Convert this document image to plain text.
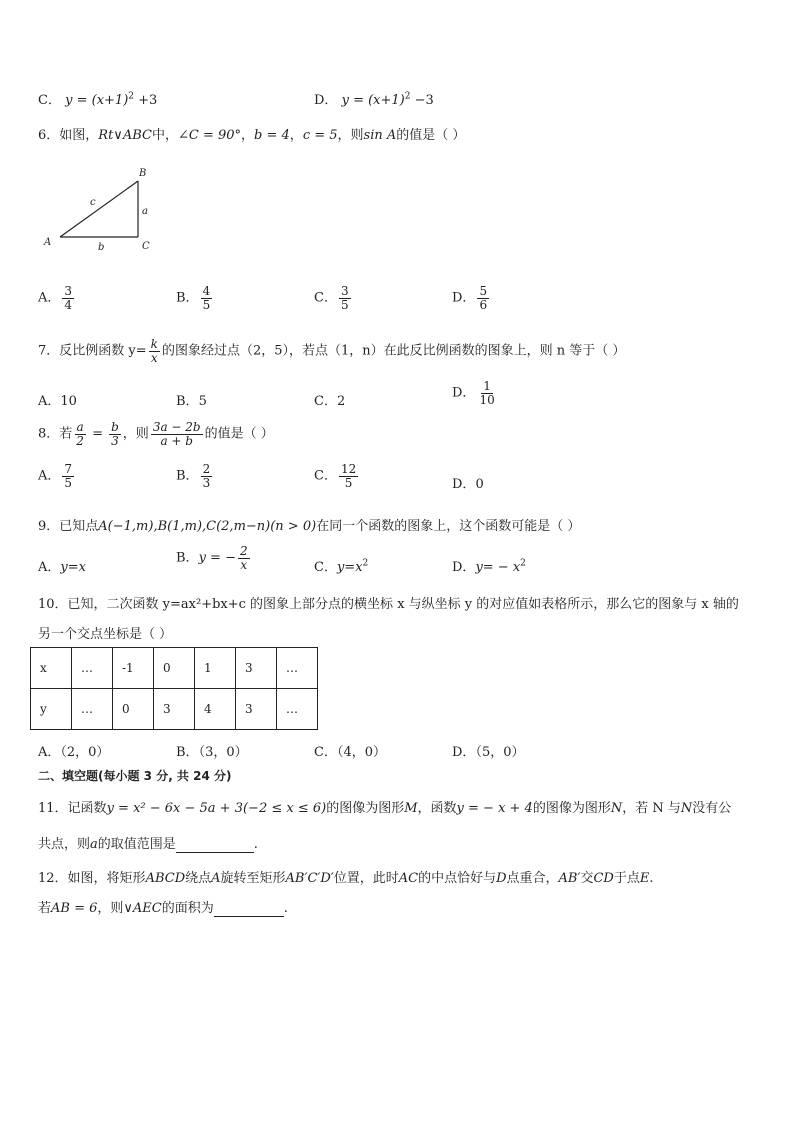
C． $y = (x+1)^2 +3$	D． $y = (x+1)^2 -3$
6．如图，Rt∨ABC中，∠C = 90°，b = 4，c = 5，则sin A的值是（ ）
A
B
C
a
b
c
A． $\frac{3}{4}$	B． $\frac{4}{5}$	C． $\frac{3}{5}$	D． $\frac{5}{6}$
7．反比例函数 $y= \frac{k}{x}$ 的图象经过点（2，5），若点（1，n）在此反比例函数的图象上，则 n 等于（ ）
A．10	B．5	C．2
D． $\frac{1}{10}$
8．若 $\frac{a}{2} = \frac{b}{3}$ ，则 $\frac{3a - 2b}{a + b}$ 的值是（ ）
A． $\frac{7}{5}$	B． $\frac{2}{3}$	C． $\frac{12}{5}$	D．0
9．已知点A(−1,m),B(1,m),C(2,m−n)(n > 0)在同一个函数的图象上，这个函数可能是（ ）
A．y=x
B．y = − $\frac{2}{x}$	C．$y=x^2$	D．$y= - x^2$
10．已知，二次函数 y=ax²+bx+c 的图象上部分点的横坐标 x 与纵坐标 y 的对应值如表格所示，那么它的图象与 x 轴的
另一个交点坐标是（ ）
x	…	-1	0	1	3	…
y	…	0	3	4	3	…
A．（2，0）	B．（3，0）	C．（4，0）	D．（5，0）
二、填空题(每小题 3 分, 共 24 分)
11．记函数y = x² − 6x − 5a + 3(−2 ≤ x ≤ 6)的图像为图形M，函数y = − x + 4的图像为图形N，若 N 与N没有公
共点，则a的取值范围是	.
12．如图，将矩形ABCD绕点A旋转至矩形AB′C′D′位置，此时AC的中点恰好与D点重合，AB′交CD于点E.
若AB = 6，则∨AEC的面积为	.
